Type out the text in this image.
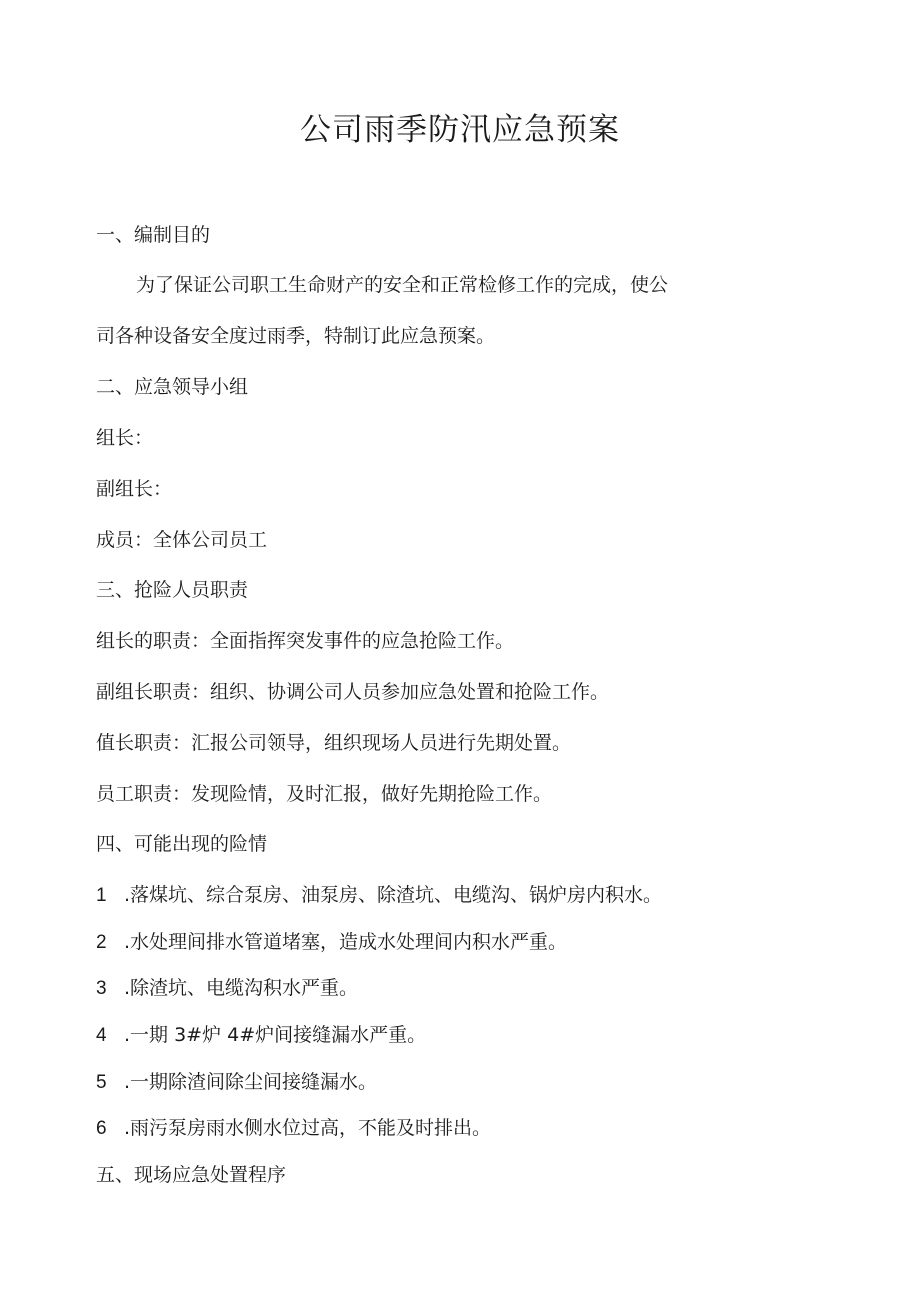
公司雨季防汛应急预案
一、编制目的
为了保证公司职工生命财产的安全和正常检修工作的完成，使公
司各种设备安全度过雨季，特制订此应急预案。
二、应急领导小组
组长：
副组长：
成员：全体公司员工
三、抢险人员职责
组长的职责：全面指挥突发事件的应急抢险工作。
副组长职责：组织、协调公司人员参加应急处置和抢险工作。
值长职责：汇报公司领导，组织现场人员进行先期处置。
员工职责：发现险情，及时汇报，做好先期抢险工作。
四、可能出现的险情
1 .落煤坑、综合泵房、油泵房、除渣坑、电缆沟、锅炉房内积水。
2 .水处理间排水管道堵塞，造成水处理间内积水严重。
3 .除渣坑、电缆沟积水严重。
4 .一期 3#炉 4#炉间接缝漏水严重。
5 .一期除渣间除尘间接缝漏水。
6 .雨污泵房雨水侧水位过高，不能及时排出。
五、现场应急处置程序
